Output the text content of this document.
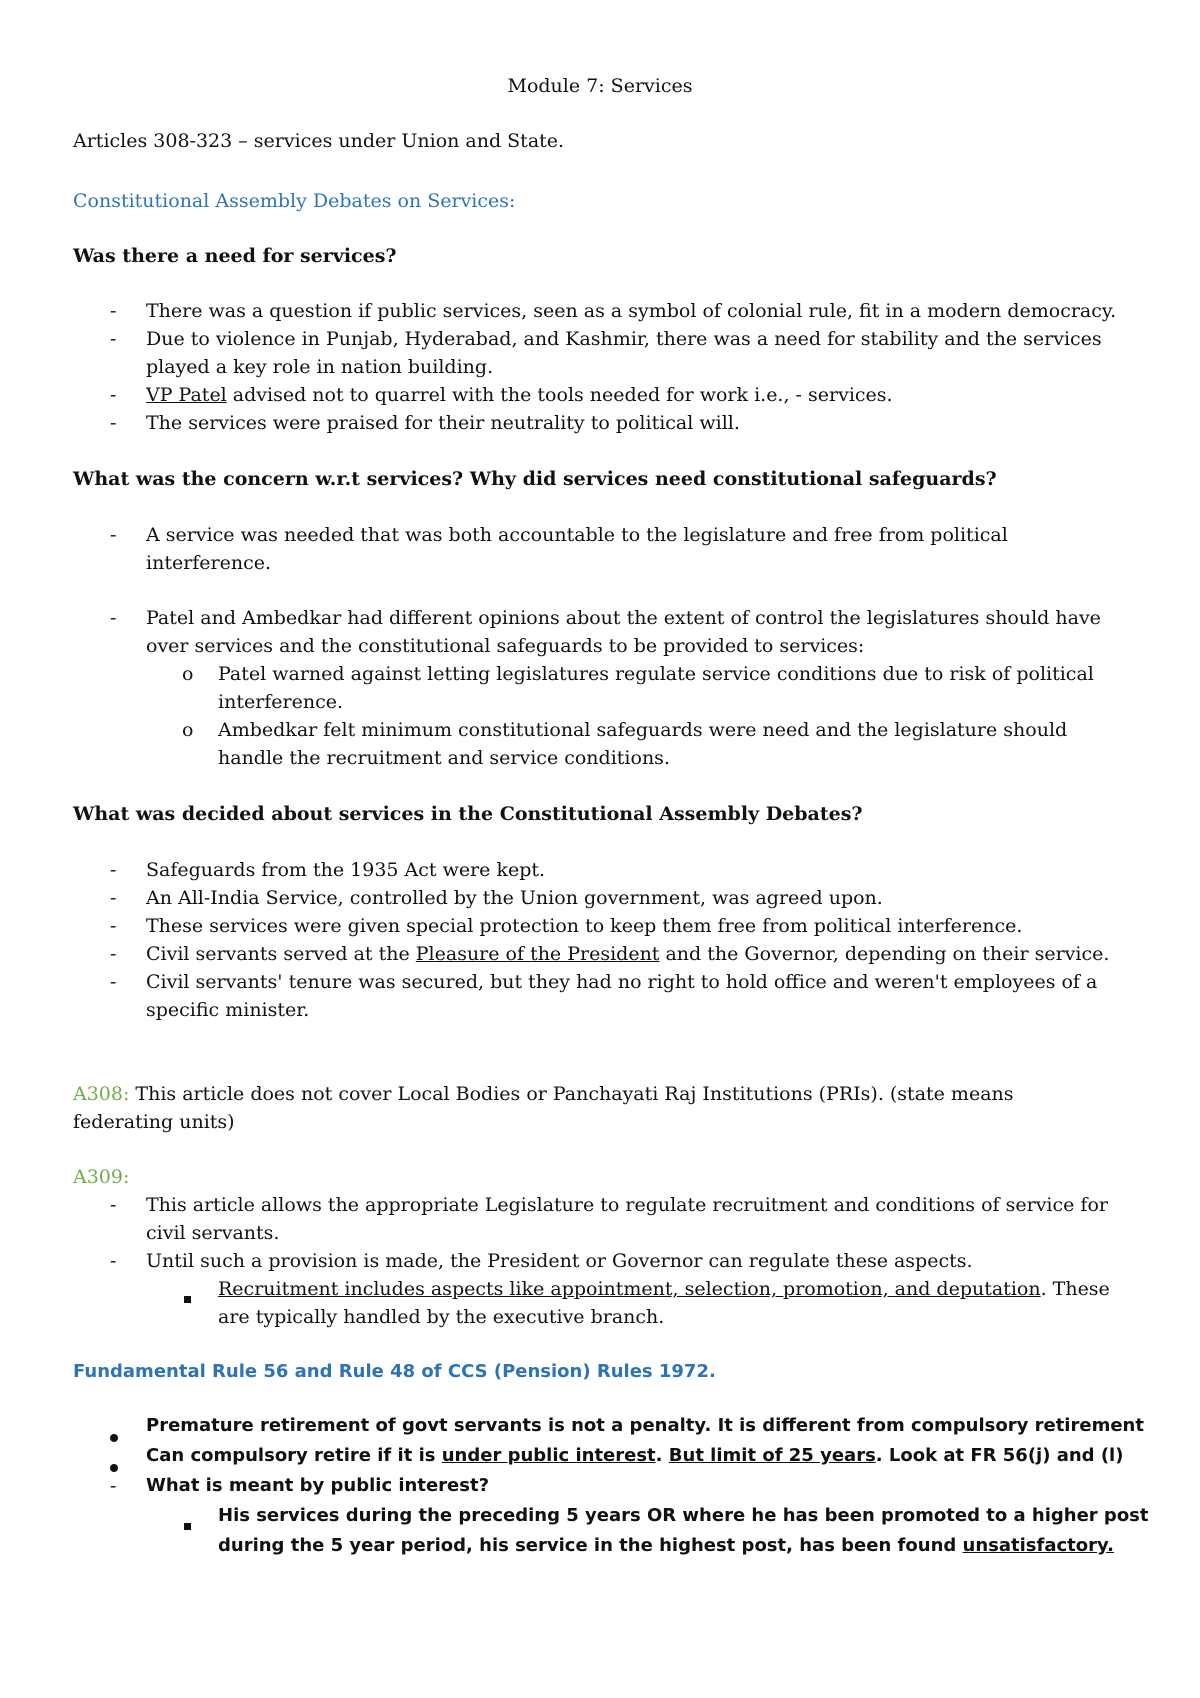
Module 7: Services
Articles 308-323 – services under Union and State.
Constitutional Assembly Debates on Services:
Was there a need for services?
- There was a question if public services, seen as a symbol of colonial rule, fit in a modern democracy.
- Due to violence in Punjab, Hyderabad, and Kashmir, there was a need for stability and the services
played a key role in nation building.
- VP Patel advised not to quarrel with the tools needed for work i.e., - services.
- The services were praised for their neutrality to political will.
What was the concern w.r.t services? Why did services need constitutional safeguards?
- A service was needed that was both accountable to the legislature and free from political
interference.
- Patel and Ambedkar had different opinions about the extent of control the legislatures should have
over services and the constitutional safeguards to be provided to services:
o Patel warned against letting legislatures regulate service conditions due to risk of political
interference.
o Ambedkar felt minimum constitutional safeguards were need and the legislature should
handle the recruitment and service conditions.
What was decided about services in the Constitutional Assembly Debates?
- Safeguards from the 1935 Act were kept.
- An All-India Service, controlled by the Union government, was agreed upon.
- These services were given special protection to keep them free from political interference.
- Civil servants served at the Pleasure of the President and the Governor, depending on their service.
- Civil servants' tenure was secured, but they had no right to hold office and weren't employees of a
specific minister.
A308: This article does not cover Local Bodies or Panchayati Raj Institutions (PRIs). (state means
federating units)
A309:
- This article allows the appropriate Legislature to regulate recruitment and conditions of service for
civil servants.
- Until such a provision is made, the President or Governor can regulate these aspects.
Recruitment includes aspects like appointment, selection, promotion, and deputation. These
are typically handled by the executive branch.
Fundamental Rule 56 and Rule 48 of CCS (Pension) Rules 1972.
Premature retirement of govt servants is not a penalty. It is different from compulsory retirement
Can compulsory retire if it is under public interest. But limit of 25 years. Look at FR 56(j) and (l)
- What is meant by public interest?
His services during the preceding 5 years OR where he has been promoted to a higher post
during the 5 year period, his service in the highest post, has been found unsatisfactory.
